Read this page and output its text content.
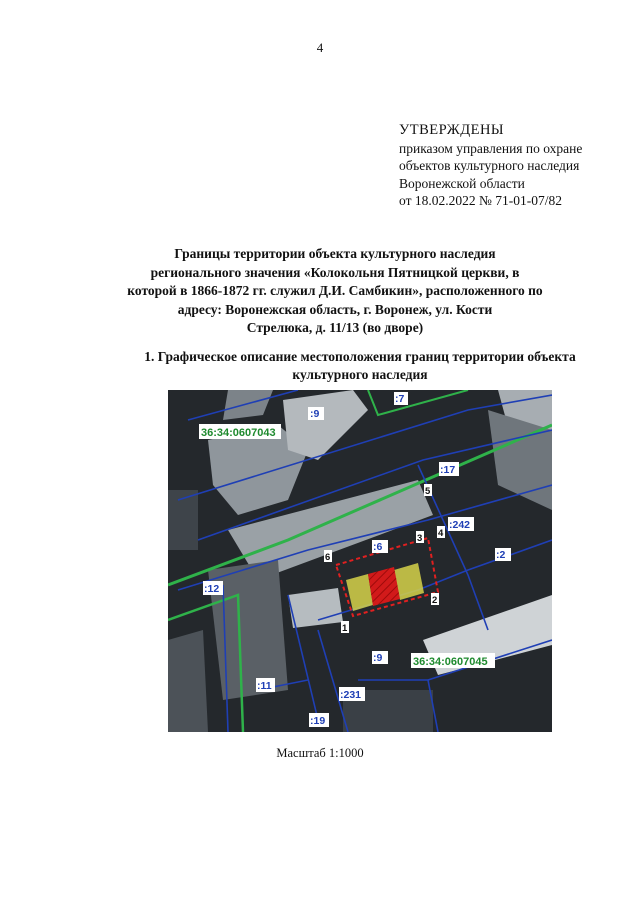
4
УТВЕРЖДЕНЫ
приказом управления по охране
объектов культурного наследия
Воронежской области
от 18.02.2022 № 71-01-07/82
Границы территории объекта культурного наследия
регионального значения «Колокольня Пятницкой церкви, в
которой в 1866-1872 гг. служил Д.И. Самбикин», расположенного по
адресу: Воронежская область, г. Воронеж, ул. Кости
Стрелюка, д. 11/13 (во дворе)
1. Графическое описание местоположения границ территории объекта
культурного наследия
36:34:0607043
36:34:0607045
:9
:7
:17
:242
:6
:2
:12
:9
:11
:231
:19
1
2
3 4
5
6
Масштаб 1:1000
